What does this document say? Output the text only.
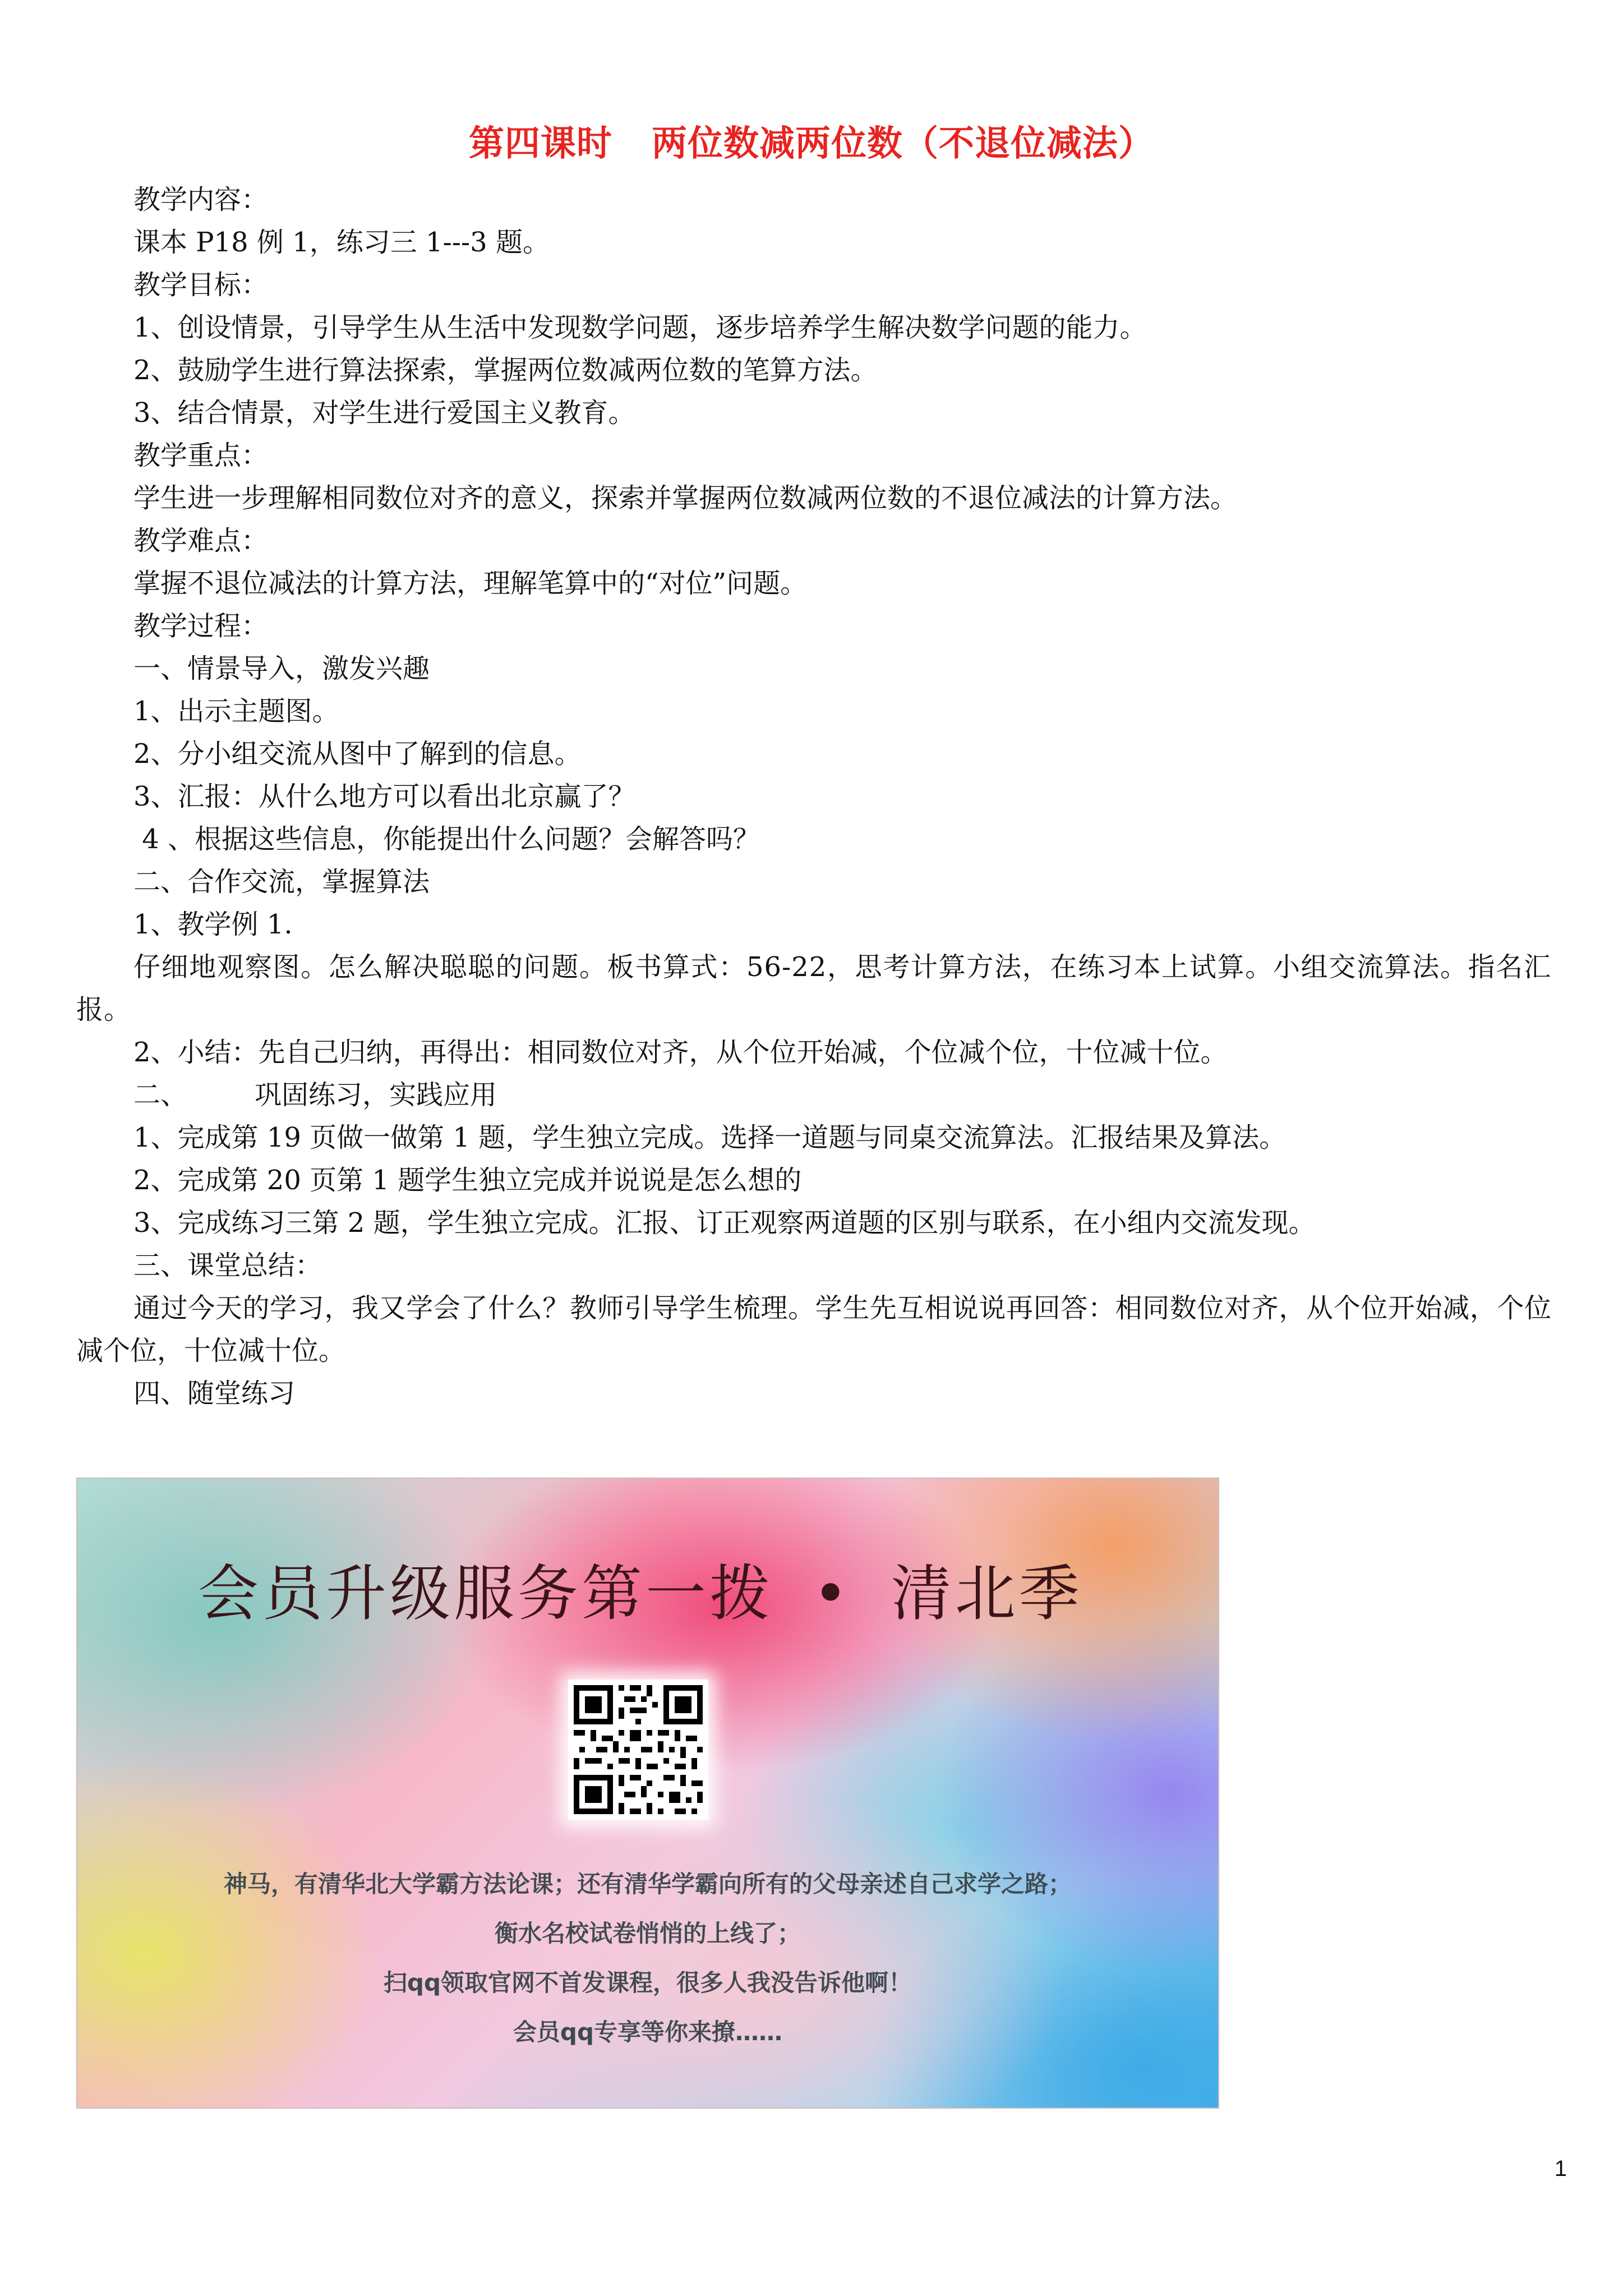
第四课时 两位数减两位数（不退位减法）
教学内容：
课本 P18 例 1，练习三 1---3 题。
教学目标：
1、创设情景，引导学生从生活中发现数学问题，逐步培养学生解决数学问题的能力。
2、鼓励学生进行算法探索，掌握两位数减两位数的笔算方法。
3、结合情景，对学生进行爱国主义教育。
教学重点：
学生进一步理解相同数位对齐的意义，探索并掌握两位数减两位数的不退位减法的计算方法。
教学难点：
掌握不退位减法的计算方法，理解笔算中的“对位”问题。
教学过程：
一、情景导入，激发兴趣
1、出示主题图。
2、分小组交流从图中了解到的信息。
3、汇报：从什么地方可以看出北京赢了？
4 、根据这些信息，你能提出什么问题？会解答吗？
二、合作交流，掌握算法
1、教学例 1.
仔细地观察图。怎么解决聪聪的问题。板书算式：56-22，思考计算方法，在练习本上试算。小组交流算法。指名汇报。
2、小结：先自己归纳，再得出：相同数位对齐，从个位开始减，个位减个位，十位减十位。
二、	巩固练习，实践应用
1、完成第 19 页做一做第 1 题，学生独立完成。选择一道题与同桌交流算法。汇报结果及算法。
2、完成第 20 页第 1 题学生独立完成并说说是怎么想的
3、完成练习三第 2 题，学生独立完成。汇报、订正观察两道题的区别与联系，在小组内交流发现。
三、课堂总结：
通过今天的学习，我又学会了什么？教师引导学生梳理。学生先互相说说再回答：相同数位对齐，从个位开始减，个位减个位，十位减十位。
四、随堂练习
会员升级服务第一拨 • 清北季
神马，有清华北大学霸方法论课；还有清华学霸向所有的父母亲述自己求学之路；
衡水名校试卷悄悄的上线了；
扫qq领取官网不首发课程，很多人我没告诉他啊！
会员qq专享等你来撩……
1
